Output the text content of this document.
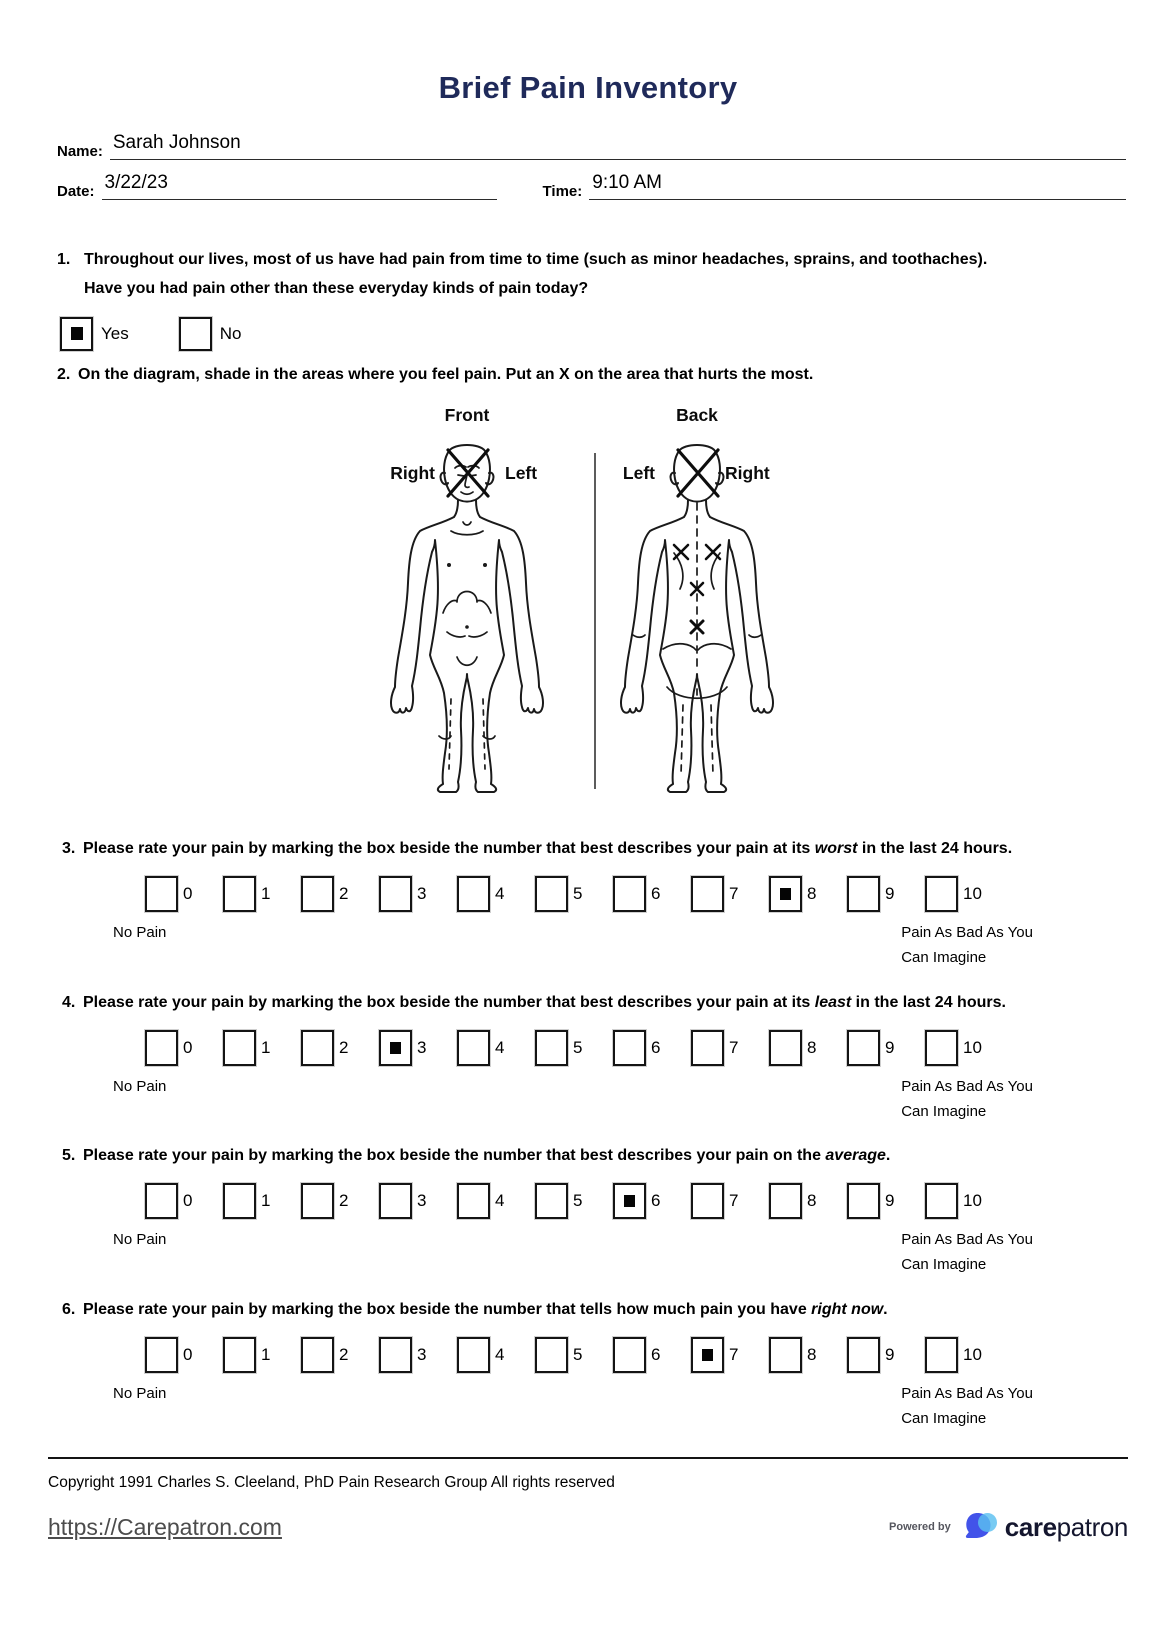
Brief Pain Inventory
Name: Sarah Johnson
Date: 3/22/23	Time: 9:10 AM
1. Throughout our lives, most of us have had pain from time to time (such as minor headaches, sprains, and toothaches).
Have you had pain other than these everyday kinds of pain today?
Yes	No
2. On the diagram, shade in the areas where you feel pain. Put an X on the area that hurts the most.
Front	Back
Right	Left	Left	Right

3. Please rate your pain by marking the box beside the number that best describes your pain at its worst in the last 24 hours.

0	1	2	3	4	5	6	7	8	9	10
No Pain	Pain As Bad As You
Can Imagine

4. Please rate your pain by marking the box beside the number that best describes your pain at its least in the last 24 hours.

0	1	2	3	4	5	6	7	8	9	10
No Pain	Pain As Bad As You
Can Imagine

5. Please rate your pain by marking the box beside the number that best describes your pain on the average.

0	1	2	3	4	5	6	7	8	9	10
No Pain	Pain As Bad As You
Can Imagine

6. Please rate your pain by marking the box beside the number that tells how much pain you have right now.

0	1	2	3	4	5	6	7	8	9	10
No Pain	Pain As Bad As You
Can Imagine
Copyright 1991 Charles S. Cleeland, PhD Pain Research Group All rights reserved
https://Carepatron.com	Powered by carepatron
